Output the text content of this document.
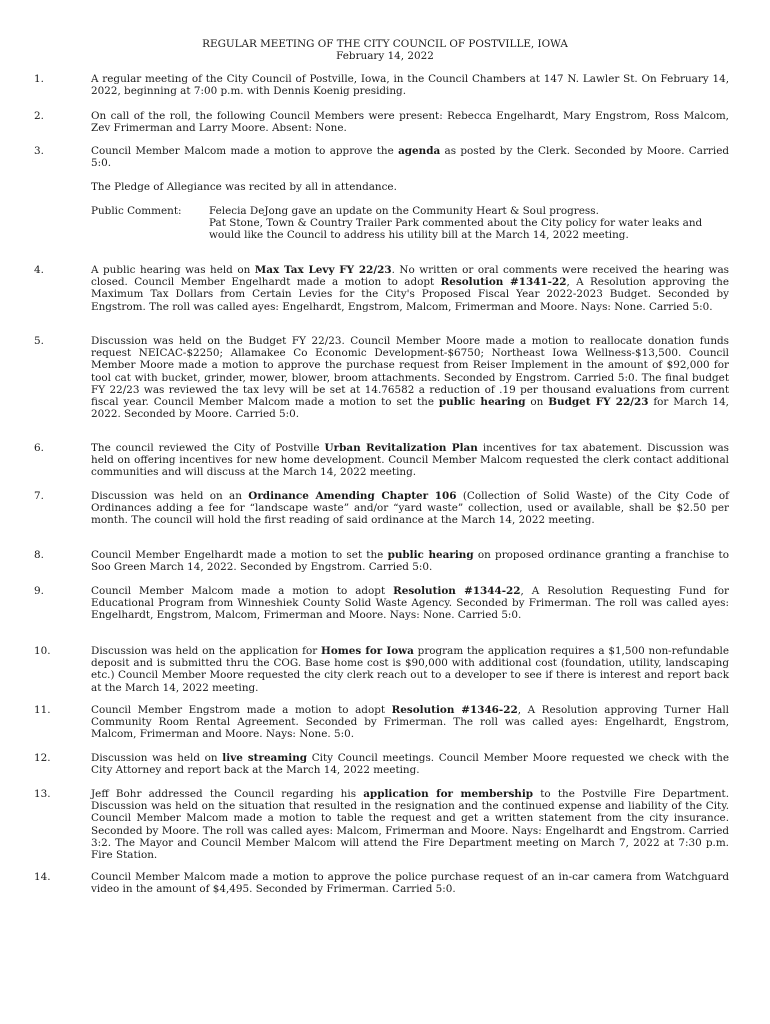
REGULAR MEETING OF THE CITY COUNCIL OF POSTVILLE, IOWA
February 14, 2022
1.	A regular meeting of the City Council of Postville, Iowa, in the Council Chambers at 147 N. Lawler St. On February 14, 2022, beginning at 7:00 p.m. with Dennis Koenig presiding.
2.	On call of the roll, the following Council Members were present: Rebecca Engelhardt, Mary Engstrom, Ross Malcom, Zev Frimerman and Larry Moore. Absent: None.
3.	Council Member Malcom made a motion to approve the agenda as posted by the Clerk. Seconded by Moore. Carried 5:0.
The Pledge of Allegiance was recited by all in attendance.
Public Comment:	Felecia DeJong gave an update on the Community Heart & Soul progress.
Pat Stone, Town & Country Trailer Park commented about the City policy for water leaks and would like the Council to address his utility bill at the March 14, 2022 meeting.
4.	A public hearing was held on Max Tax Levy FY 22/23. No written or oral comments were received the hearing was closed. Council Member Engelhardt made a motion to adopt Resolution #1341-22, A Resolution approving the Maximum Tax Dollars from Certain Levies for the City's Proposed Fiscal Year 2022-2023 Budget. Seconded by Engstrom. The roll was called ayes: Engelhardt, Engstrom, Malcom, Frimerman and Moore. Nays: None. Carried 5:0.
5.	Discussion was held on the Budget FY 22/23. Council Member Moore made a motion to reallocate donation funds request NEICAC-$2250; Allamakee Co Economic Development-$6750; Northeast Iowa Wellness-$13,500. Council Member Moore made a motion to approve the purchase request from Reiser Implement in the amount of $92,000 for tool cat with bucket, grinder, mower, blower, broom attachments. Seconded by Engstrom. Carried 5:0. The final budget FY 22/23 was reviewed the tax levy will be set at 14.76582 a reduction of .19 per thousand evaluations from current fiscal year. Council Member Malcom made a motion to set the public hearing on Budget FY 22/23 for March 14, 2022. Seconded by Moore. Carried 5:0.
6.	The council reviewed the City of Postville Urban Revitalization Plan incentives for tax abatement. Discussion was held on offering incentives for new home development. Council Member Malcom requested the clerk contact additional communities and will discuss at the March 14, 2022 meeting.
7.	Discussion was held on an Ordinance Amending Chapter 106 (Collection of Solid Waste) of the City Code of Ordinances adding a fee for “landscape waste” and/or “yard waste” collection, used or available, shall be $2.50 per month. The council will hold the first reading of said ordinance at the March 14, 2022 meeting.
8.	Council Member Engelhardt made a motion to set the public hearing on proposed ordinance granting a franchise to Soo Green March 14, 2022. Seconded by Engstrom. Carried 5:0.
9.	Council Member Malcom made a motion to adopt Resolution #1344-22, A Resolution Requesting Fund for Educational Program from Winneshiek County Solid Waste Agency. Seconded by Frimerman. The roll was called ayes: Engelhardt, Engstrom, Malcom, Frimerman and Moore. Nays: None. Carried 5:0.
10.	Discussion was held on the application for Homes for Iowa program the application requires a $1,500 non-refundable deposit and is submitted thru the COG. Base home cost is $90,000 with additional cost (foundation, utility, landscaping etc.) Council Member Moore requested the city clerk reach out to a developer to see if there is interest and report back at the March 14, 2022 meeting.
11.	Council Member Engstrom made a motion to adopt Resolution #1346-22, A Resolution approving Turner Hall Community Room Rental Agreement. Seconded by Frimerman. The roll was called ayes: Engelhardt, Engstrom, Malcom, Frimerman and Moore. Nays: None. 5:0.
12.	Discussion was held on live streaming City Council meetings. Council Member Moore requested we check with the City Attorney and report back at the March 14, 2022 meeting.
13.	Jeff Bohr addressed the Council regarding his application for membership to the Postville Fire Department. Discussion was held on the situation that resulted in the resignation and the continued expense and liability of the City. Council Member Malcom made a motion to table the request and get a written statement from the city insurance. Seconded by Moore. The roll was called ayes: Malcom, Frimerman and Moore. Nays: Engelhardt and Engstrom. Carried 3:2. The Mayor and Council Member Malcom will attend the Fire Department meeting on March 7, 2022 at 7:30 p.m. Fire Station.
14.	Council Member Malcom made a motion to approve the police purchase request of an in-car camera from Watchguard video in the amount of $4,495. Seconded by Frimerman. Carried 5:0.
